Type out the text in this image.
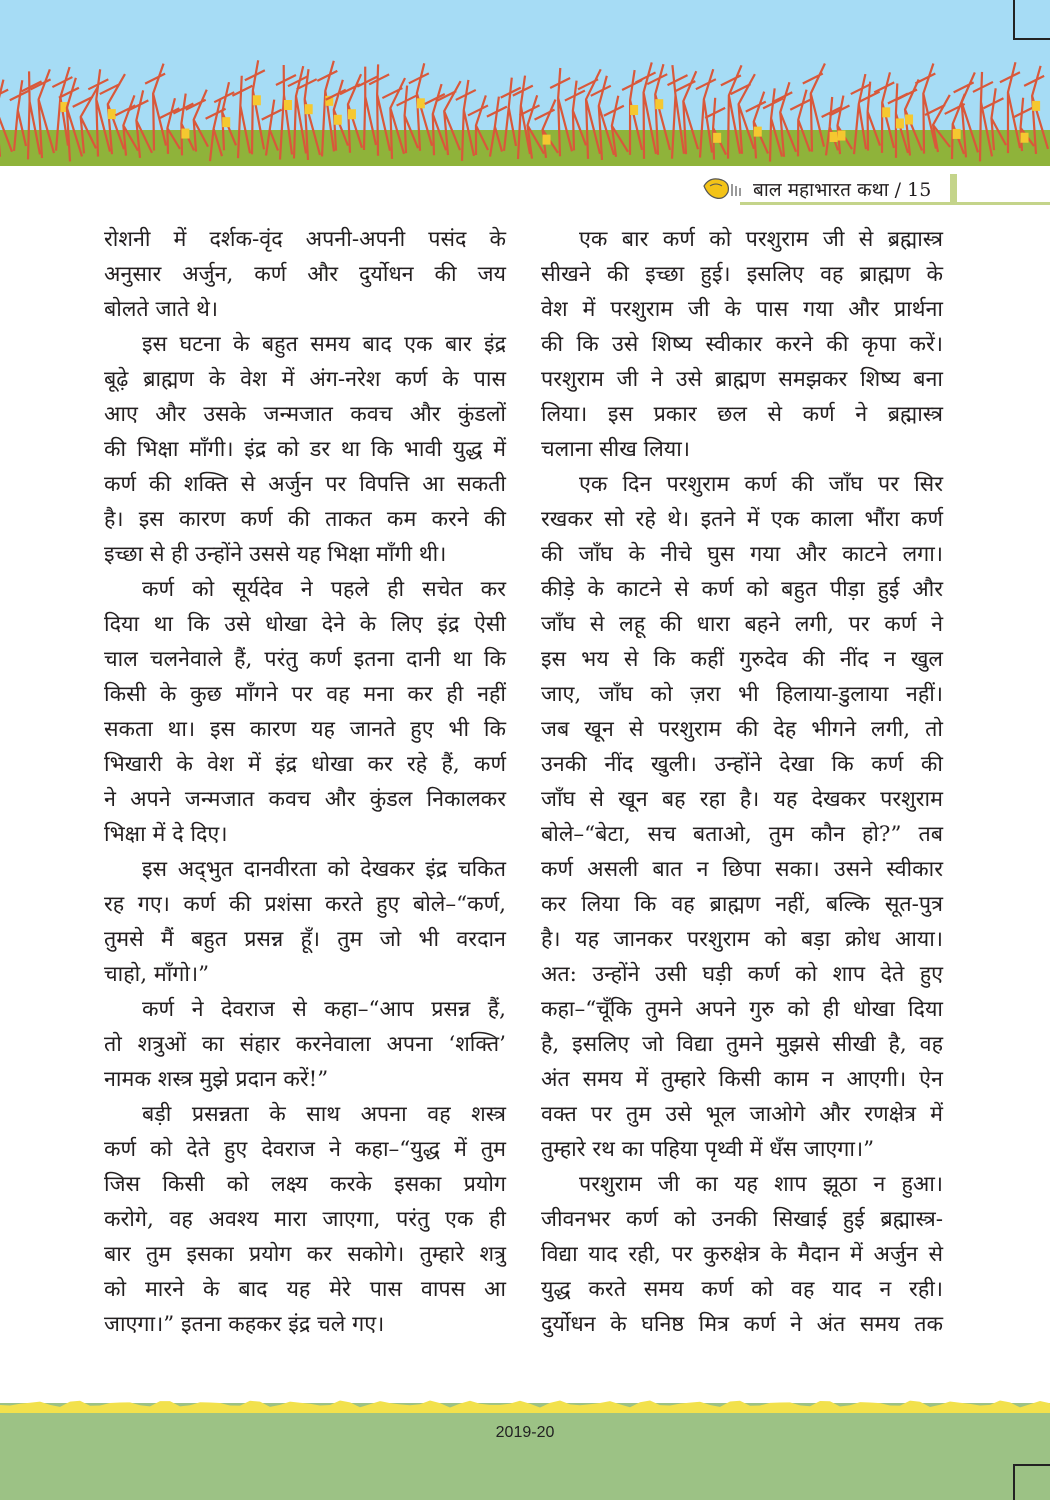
बाल महाभारत कथा / 15
रोशनी में दर्शक-वृंद अपनी-अपनी पसंद के
अनुसार अर्जुन, कर्ण और दुर्योधन की जय
बोलते जाते थे।
इस घटना के बहुत समय बाद एक बार इंद्र
बूढ़े ब्राह्मण के वेश में अंग-नरेश कर्ण के पास
आए और उसके जन्मजात कवच और कुंडलों
की भिक्षा माँगी। इंद्र को डर था कि भावी युद्ध में
कर्ण की शक्ति से अर्जुन पर विपत्ति आ सकती
है। इस कारण कर्ण की ताकत कम करने की
इच्छा से ही उन्होंने उससे यह भिक्षा माँगी थी।
कर्ण को सूर्यदेव ने पहले ही सचेत कर
दिया था कि उसे धोखा देने के लिए इंद्र ऐसी
चाल चलनेवाले हैं, परंतु कर्ण इतना दानी था कि
किसी के कुछ माँगने पर वह मना कर ही नहीं
सकता था। इस कारण यह जानते हुए भी कि
भिखारी के वेश में इंद्र धोखा कर रहे हैं, कर्ण
ने अपने जन्मजात कवच और कुंडल निकालकर
भिक्षा में दे दिए।
इस अद्‌भुत दानवीरता को देखकर इंद्र चकित
रह गए। कर्ण की प्रशंसा करते हुए बोले–“कर्ण,
तुमसे मैं बहुत प्रसन्न हूँ। तुम जो भी वरदान
चाहो, माँगो।”
कर्ण ने देवराज से कहा–“आप प्रसन्न हैं,
तो शत्रुओं का संहार करनेवाला अपना ‘शक्ति’
नामक शस्त्र मुझे प्रदान करें!”
बड़ी प्रसन्नता के साथ अपना वह शस्त्र
कर्ण को देते हुए देवराज ने कहा–“युद्ध में तुम
जिस किसी को लक्ष्य करके इसका प्रयोग
करोगे, वह अवश्य मारा जाएगा, परंतु एक ही
बार तुम इसका प्रयोग कर सकोगे। तुम्हारे शत्रु
को मारने के बाद यह मेरे पास वापस आ
जाएगा।” इतना कहकर इंद्र चले गए।
एक बार कर्ण को परशुराम जी से ब्रह्मास्त्र
सीखने की इच्छा हुई। इसलिए वह ब्राह्मण के
वेश में परशुराम जी के पास गया और प्रार्थना
की कि उसे शिष्य स्वीकार करने की कृपा करें।
परशुराम जी ने उसे ब्राह्मण समझकर शिष्य बना
लिया। इस प्रकार छल से कर्ण ने ब्रह्मास्त्र
चलाना सीख लिया।
एक दिन परशुराम कर्ण की जाँघ पर सिर
रखकर सो रहे थे। इतने में एक काला भौंरा कर्ण
की जाँघ के नीचे घुस गया और काटने लगा।
कीड़े के काटने से कर्ण को बहुत पीड़ा हुई और
जाँघ से लहू की धारा बहने लगी, पर कर्ण ने
इस भय से कि कहीं गुरुदेव की नींद न खुल
जाए, जाँघ को ज़रा भी हिलाया-डुलाया नहीं।
जब खून से परशुराम की देह भीगने लगी, तो
उनकी नींद खुली। उन्होंने देखा कि कर्ण की
जाँघ से खून बह रहा है। यह देखकर परशुराम
बोले–“बेटा, सच बताओ, तुम कौन हो?” तब
कर्ण असली बात न छिपा सका। उसने स्वीकार
कर लिया कि वह ब्राह्मण नहीं, बल्कि सूत-पुत्र
है। यह जानकर परशुराम को बड़ा क्रोध आया।
अत: उन्होंने उसी घड़ी कर्ण को शाप देते हुए
कहा–“चूँकि तुमने अपने गुरु को ही धोखा दिया
है, इसलिए जो विद्या तुमने मुझसे सीखी है, वह
अंत समय में तुम्हारे किसी काम न आएगी। ऐन
वक्त पर तुम उसे भूल जाओगे और रणक्षेत्र में
तुम्हारे रथ का पहिया पृथ्वी में धँस जाएगा।”
परशुराम जी का यह शाप झूठा न हुआ।
जीवनभर कर्ण को उनकी सिखाई हुई ब्रह्मास्त्र-
विद्या याद रही, पर कुरुक्षेत्र के मैदान में अर्जुन से
युद्ध करते समय कर्ण को वह याद न रही।
दुर्योधन के घनिष्ठ मित्र कर्ण ने अंत समय तक
2019-20
